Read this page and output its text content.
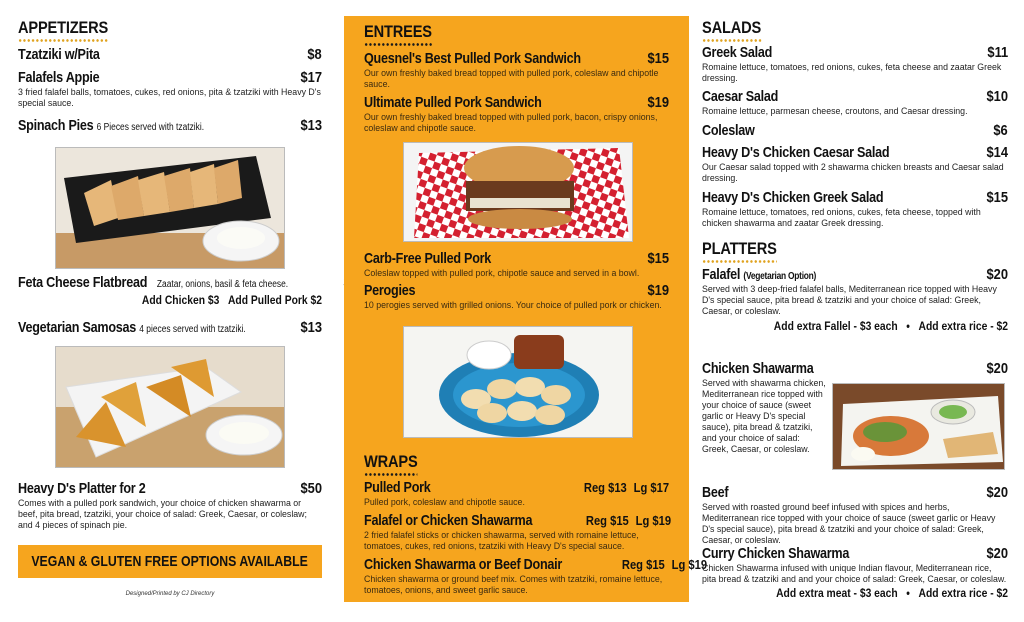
APPETIZERS
Tzatziki w/Pita	$8
Falafels Appie	$17
3 fried falafel balls, tomatoes, cukes, red onions, pita & tzatziki with Heavy D's special sauce.
Spinach Pies 6 Pieces served with tzatziki.	$13
Feta Cheese Flatbread Zaatar, onions, basil & feta cheese.
Add Chicken $3 Add Pulled Pork $2
Vegetarian Samosas 4 pieces served with tzatziki.	$13
Heavy D's Platter for 2	$50
Comes with a pulled pork sandwich, your choice of chicken shawarma or beef, pita bread, tzatziki, your choice of salad: Greek, Caesar, or coleslaw; and 4 pieces of spinach pie.
VEGAN & GLUTEN FREE OPTIONS AVAILABLE
Designed/Printed by CJ Directory
ENTREES
Quesnel's Best Pulled Pork Sandwich	$15
Our own freshly baked bread topped with pulled pork, coleslaw and chipotle sauce.
Ultimate Pulled Pork Sandwich	$19
Our own freshly baked bread topped with pulled pork, bacon, crispy onions, coleslaw and chipotle sauce.
Carb-Free Pulled Pork	$15
Coleslaw topped with pulled pork, chipotle sauce and served in a bowl.
Perogies	$19
10 perogies served with grilled onions. Your choice of pulled pork or chicken.
WRAPS
Pulled Pork	Reg $13 Lg $17
Pulled pork, coleslaw and chipotle sauce.
Falafel or Chicken Shawarma	Reg $15 Lg $19
2 fried falafel sticks or chicken shawarma, served with romaine lettuce, tomatoes, cukes, red onions, tzatziki with Heavy D's special sauce.
Chicken Shawarma or Beef Donair	Reg $15 Lg $19
Chicken shawarma or ground beef mix. Comes with tzatziki, romaine lettuce, tomatoes, onions, and sweet garlic sauce.
SALADS
Greek Salad	$11
Romaine lettuce, tomatoes, red onions, cukes, feta cheese and zaatar Greek dressing.
Caesar Salad	$10
Romaine lettuce, parmesan cheese, croutons, and Caesar dressing.
Coleslaw	$6
Heavy D's Chicken Caesar Salad	$14
Our Caesar salad topped with 2 shawarma chicken breasts and Caesar salad dressing.
Heavy D's Chicken Greek Salad	$15
Romaine lettuce, tomatoes, red onions, cukes, feta cheese, topped with chicken shawarma and zaatar Greek dressing.
PLATTERS
Falafel (Vegetarian Option)	$20
Served with 3 deep-fried falafel balls, Mediterranean rice topped with Heavy D's special sauce, pita bread & tzatziki and your choice of salad: Greek, Caesar, or coleslaw.
Add extra Fallel - $3 each • Add extra rice - $2
Chicken Shawarma	$20
Served with shawarma chicken, Mediterranean rice topped with your choice of sauce (sweet garlic or Heavy D's special sauce), pita bread & tzatziki, and your choice of salad: Greek, Caesar, or coleslaw.
Beef	$20
Served with roasted ground beef infused with spices and herbs, Mediterranean rice topped with your choice of sauce (sweet garlic or Heavy D's special sauce), pita bread & tzatziki and your choice of salad: Greek, Caesar, or coleslaw.
Curry Chicken Shawarma	$20
Chicken Shawarma infused with unique Indian flavour, Mediterranean rice, pita bread & tzatziki and and your choice of salad: Greek, Caesar, or coleslaw.
Add extra meat - $3 each • Add extra rice - $2
